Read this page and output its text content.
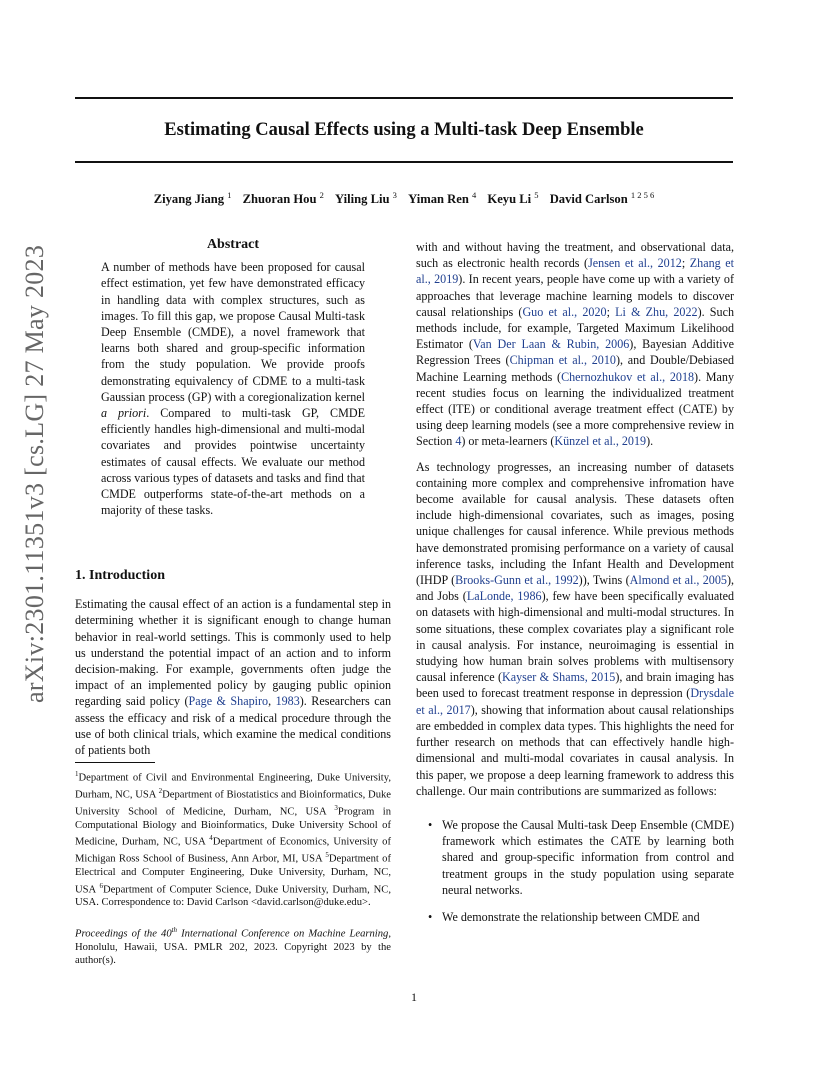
Estimating Causal Effects using a Multi-task Deep Ensemble
Ziyang Jiang $^1$ Zhuoran Hou $^2$ Yiling Liu $^3$ Yiman Ren $^4$ Keyu Li $^5$ David Carlson $^{1 2 5 6}$
arXiv:2301.11351v3 [cs.LG] 27 May 2023
Abstract

A number of methods have been proposed for causal effect estimation, yet few have demonstrated efficacy in handling data with complex structures, such as images. To fill this gap, we propose Causal Multi-task Deep Ensemble (CMDE), a novel framework that learns both shared and group-specific information from the study population. We provide proofs demonstrating equivalency of CDME to a multi-task Gaussian process (GP) with a coregionalization kernel a priori. Compared to multi-task GP, CMDE efficiently handles high-dimensional and multi-modal covariates and provides pointwise uncertainty estimates of causal effects. We evaluate our method across various types of datasets and tasks and find that CMDE outperforms state-of-the-art methods on a majority of these tasks.

1. Introduction

Estimating the causal effect of an action is a fundamental step in determining whether it is significant enough to change human behavior in real-world settings. This is commonly used to help us understand the potential impact of an action and to inform decision-making. For example, governments often judge the impact of an implemented policy by gauging public opinion regarding said policy (Page & Shapiro, 1983). Researchers can assess the efficacy and risk of a medical procedure through the use of both clinical trials, which examine the medical conditions of patients both

$^1$Department of Civil and Environmental Engineering, Duke University, Durham, NC, USA $^2$Department of Biostatistics and Bioinformatics, Duke University School of Medicine, Durham, NC, USA $^3$Program in Computational Biology and Bioinformatics, Duke University School of Medicine, Durham, NC, USA $^4$Department of Economics, University of Michigan Ross School of Business, Ann Arbor, MI, USA $^5$Department of Electrical and Computer Engineering, Duke University, Durham, NC, USA $^6$Department of Computer Science, Duke University, Durham, NC, USA. Correspondence to: David Carlson <david.carlson@duke.edu>.

Proceedings of the 40th International Conference on Machine Learning, Honolulu, Hawaii, USA. PMLR 202, 2023. Copyright 2023 by the author(s).

with and without having the treatment, and observational data, such as electronic health records (Jensen et al., 2012; Zhang et al., 2019). In recent years, people have come up with a variety of approaches that leverage machine learning models to discover causal relationships (Guo et al., 2020; Li & Zhu, 2022). Such methods include, for example, Targeted Maximum Likelihood Estimator (Van Der Laan & Rubin, 2006), Bayesian Additive Regression Trees (Chipman et al., 2010), and Double/Debiased Machine Learning methods (Chernozhukov et al., 2018). Many recent studies focus on learning the individualized treatment effect (ITE) or conditional average treatment effect (CATE) by using deep learning models (see a more comprehensive review in Section 4) or meta-learners (Künzel et al., 2019).

As technology progresses, an increasing number of datasets containing more complex and comprehensive infromation have become available for causal analysis. These datasets often include high-dimensional covariates, such as images, posing unique challenges for causal inference. While previous methods have demonstrated promising performance on a variety of causal inference tasks, including the Infant Health and Development (IHDP (Brooks-Gunn et al., 1992)), Twins (Almond et al., 2005), and Jobs (LaLonde, 1986), few have been specifically evaluated on datasets with high-dimensional and multi-modal structures. In some situations, these complex covariates play a significant role in causal analysis. For instance, neuroimaging is essential in studying how human brain solves problems with multisensory causal inference (Kayser & Shams, 2015), and brain imaging has been used to forecast treatment response in depression (Drysdale et al., 2017), showing that information about causal relationships are embedded in complex data types. This highlights the need for further research on methods that can effectively handle high-dimensional and multi-modal covariates in causal analysis. In this paper, we propose a deep learning framework to address this challenge. Our main contributions are summarized as follows:

• We propose the Causal Multi-task Deep Ensemble (CMDE) framework which estimates the CATE by learning both shared and group-specific information from control and treatment groups in the study population using separate neural networks.

• We demonstrate the relationship between CMDE and

1
